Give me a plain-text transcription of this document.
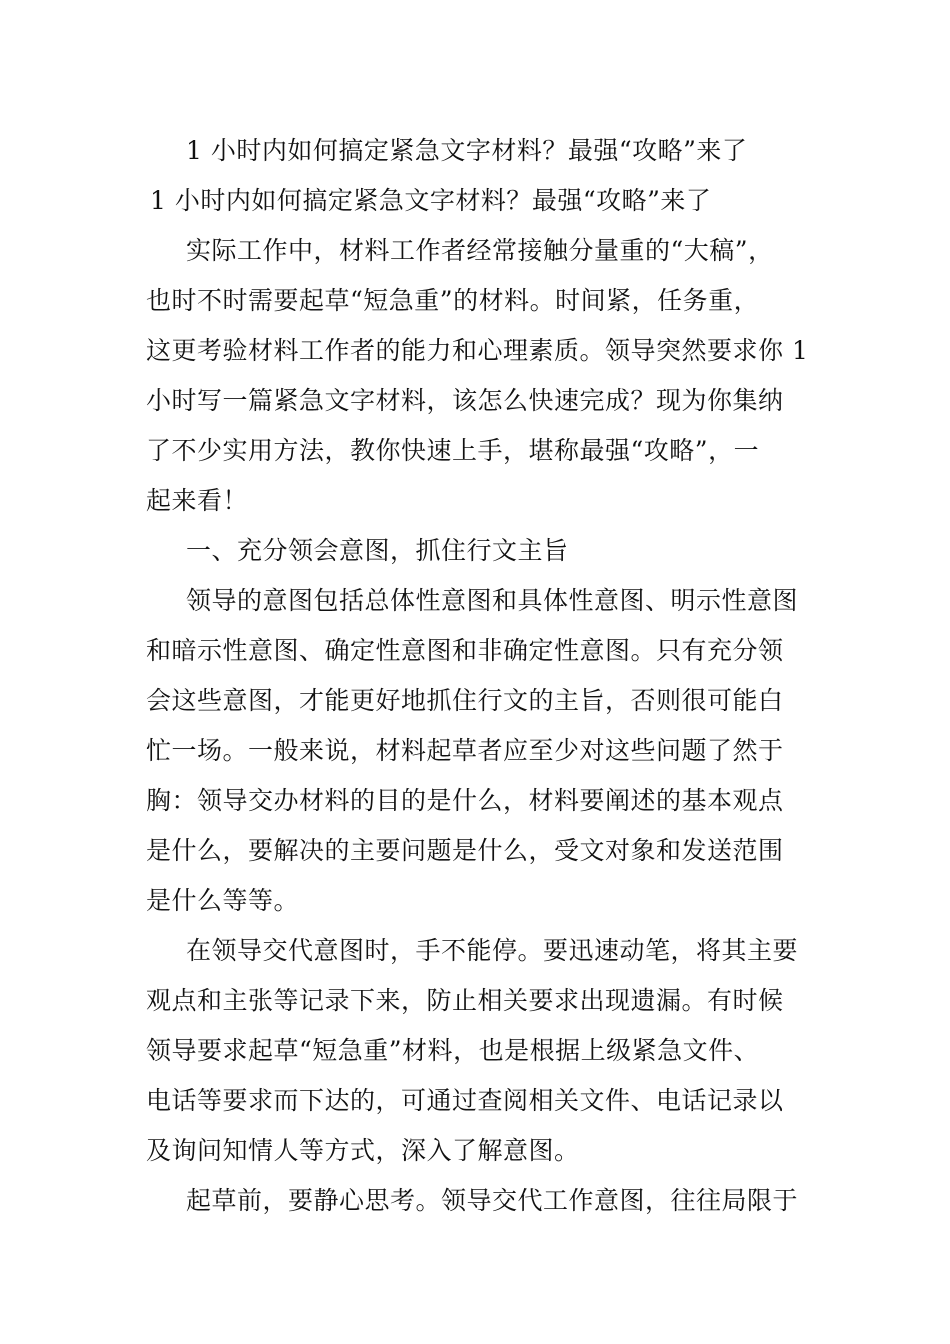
1 小时内如何搞定紧急文字材料？最强“攻略”来了
1 小时内如何搞定紧急文字材料？最强“攻略”来了
实际工作中，材料工作者经常接触分量重的“大稿”，
也时不时需要起草“短急重”的材料。时间紧，任务重，
这更考验材料工作者的能力和心理素质。领导突然要求你 1
小时写一篇紧急文字材料，该怎么快速完成？现为你集纳
了不少实用方法，教你快速上手，堪称最强“攻略”，一
起来看！
一、充分领会意图，抓住行文主旨
领导的意图包括总体性意图和具体性意图、明示性意图
和暗示性意图、确定性意图和非确定性意图。只有充分领
会这些意图，才能更好地抓住行文的主旨，否则很可能白
忙一场。一般来说，材料起草者应至少对这些问题了然于
胸：领导交办材料的目的是什么，材料要阐述的基本观点
是什么，要解决的主要问题是什么，受文对象和发送范围
是什么等等。
在领导交代意图时，手不能停。要迅速动笔，将其主要
观点和主张等记录下来，防止相关要求出现遗漏。有时候
领导要求起草“短急重”材料，也是根据上级紧急文件、
电话等要求而下达的，可通过查阅相关文件、电话记录以
及询问知情人等方式，深入了解意图。
起草前，要静心思考。领导交代工作意图，往往局限于
